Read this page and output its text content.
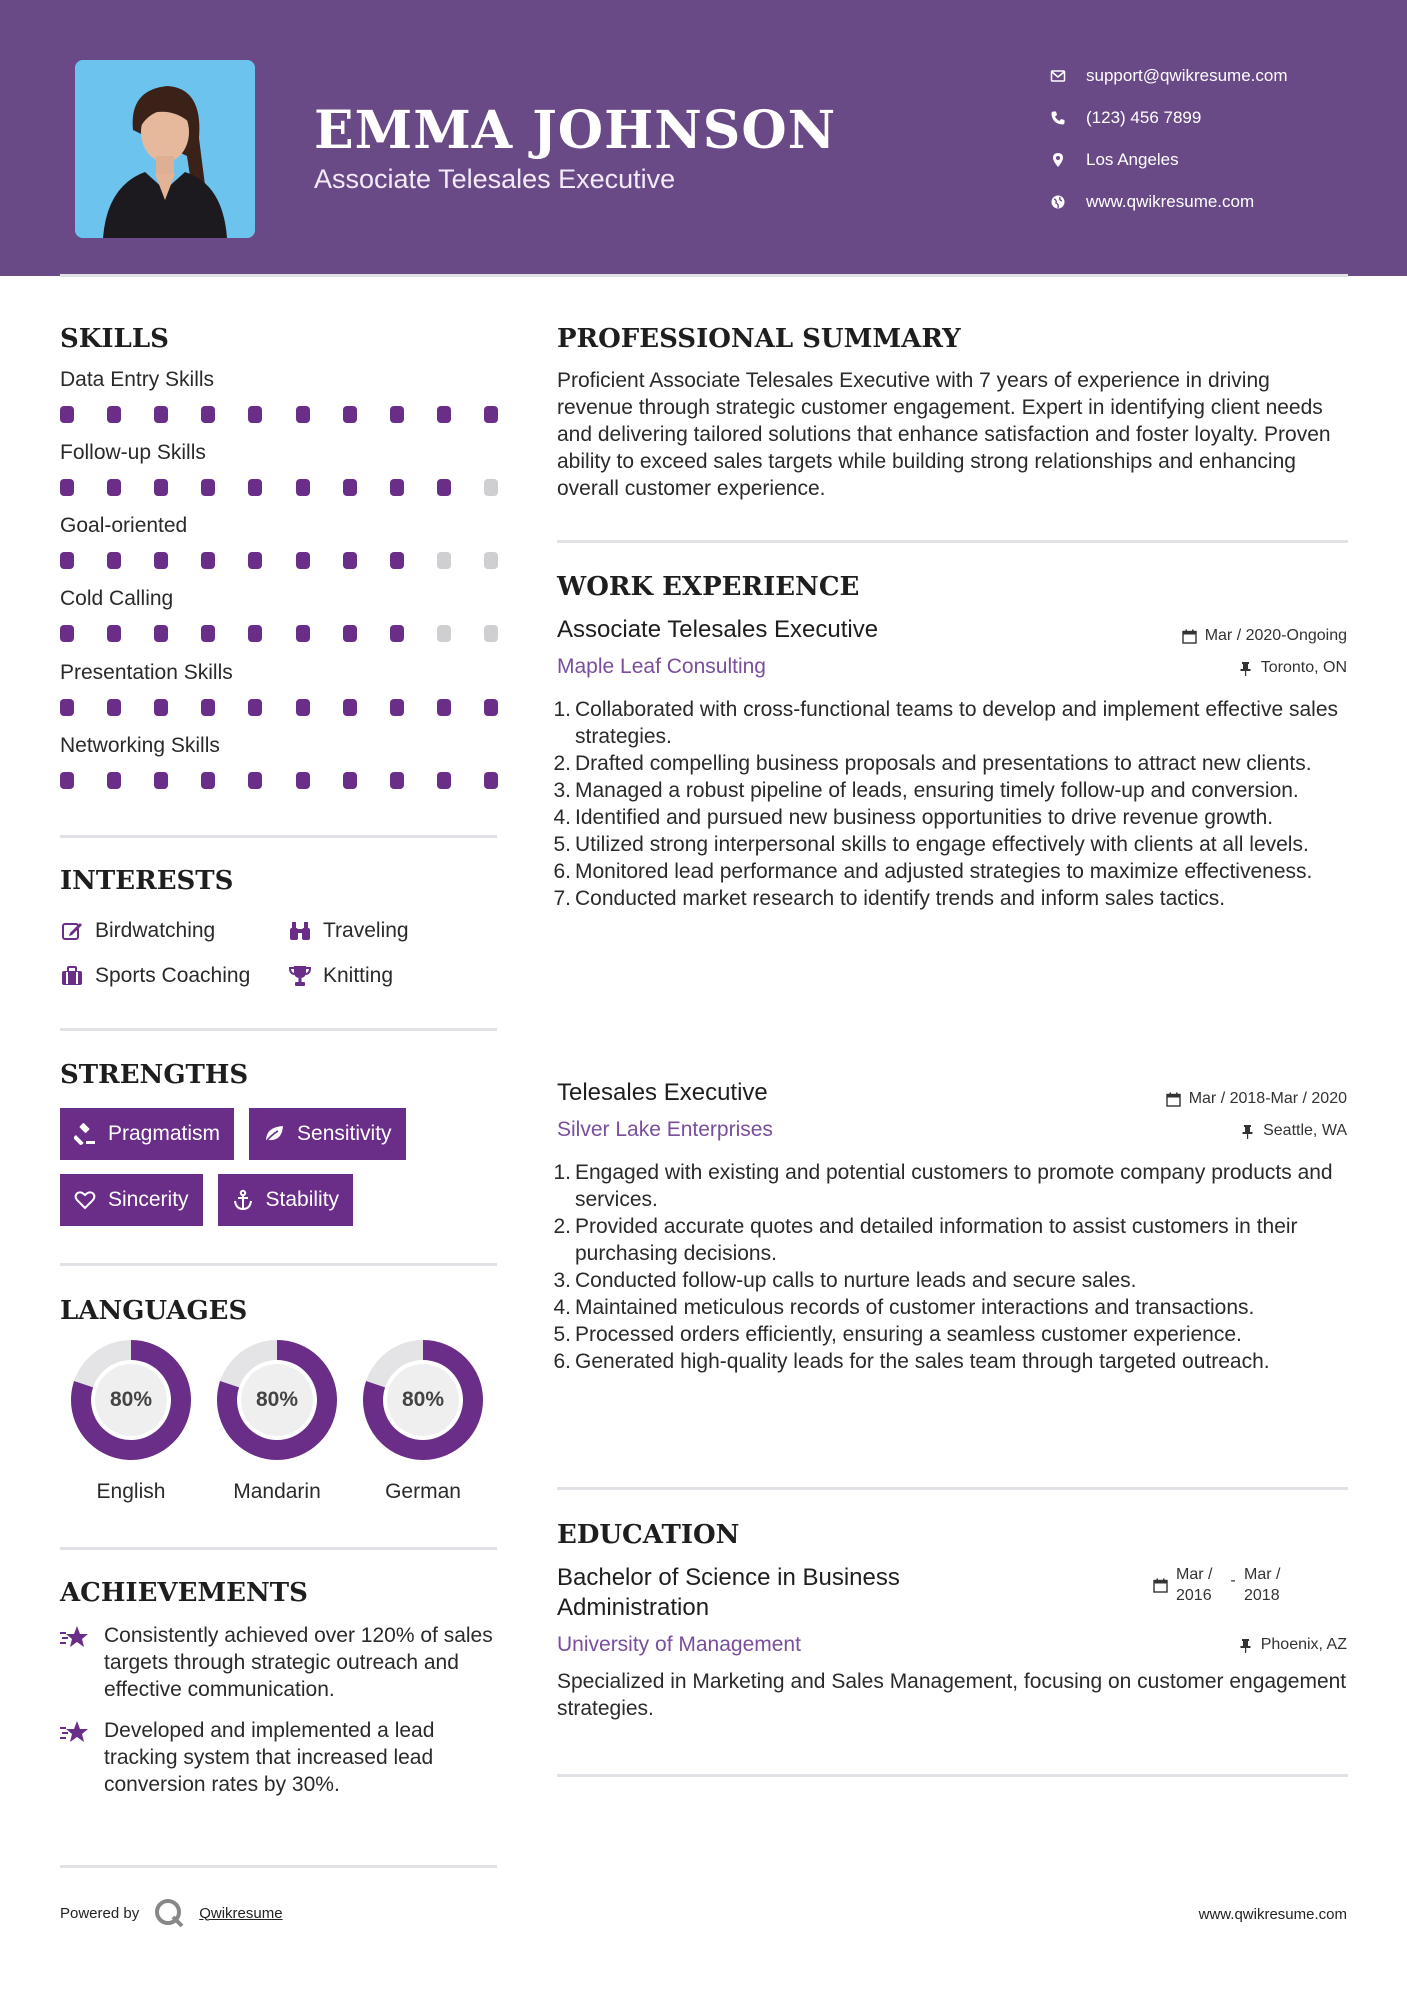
EMMA JOHNSON
Associate Telesales Executive
support@qwikresume.com
(123) 456 7899
Los Angeles
www.qwikresume.com
SKILLS
Data Entry Skills
Follow-up Skills
Goal-oriented
Cold Calling
Presentation Skills
Networking Skills
INTERESTS
Birdwatching	Traveling
Sports Coaching	Knitting
STRENGTHS
Pragmatism	Sensitivity
Sincerity	Stability
LANGUAGES
80%
English
80%
Mandarin
80%
German
ACHIEVEMENTS
Consistently achieved over 120% of sales targets through strategic outreach and effective communication.
Developed and implemented a lead tracking system that increased lead conversion rates by 30%.
PROFESSIONAL SUMMARY
Proficient Associate Telesales Executive with 7 years of experience in driving revenue through strategic customer engagement. Expert in identifying client needs and delivering tailored solutions that enhance satisfaction and foster loyalty. Proven ability to exceed sales targets while building strong relationships and enhancing overall customer experience.
WORK EXPERIENCE
Associate Telesales Executive
Maple Leaf Consulting
Mar / 2020-Ongoing
Toronto, ON
1. Collaborated with cross-functional teams to develop and implement effective sales strategies.
2. Drafted compelling business proposals and presentations to attract new clients.
3. Managed a robust pipeline of leads, ensuring timely follow-up and conversion.
4. Identified and pursued new business opportunities to drive revenue growth.
5. Utilized strong interpersonal skills to engage effectively with clients at all levels.
6. Monitored lead performance and adjusted strategies to maximize effectiveness.
7. Conducted market research to identify trends and inform sales tactics.
Telesales Executive
Silver Lake Enterprises
Mar / 2018-Mar / 2020
Seattle, WA
1. Engaged with existing and potential customers to promote company products and services.
2. Provided accurate quotes and detailed information to assist customers in their purchasing decisions.
3. Conducted follow-up calls to nurture leads and secure sales.
4. Maintained meticulous records of customer interactions and transactions.
5. Processed orders efficiently, ensuring a seamless customer experience.
6. Generated high-quality leads for the sales team through targeted outreach.
EDUCATION
Bachelor of Science in Business Administration
University of Management
Mar / 2016
- Mar / 2018
Phoenix, AZ
Specialized in Marketing and Sales Management, focusing on customer engagement strategies.
Powered by	Qwikresume	www.qwikresume.com
